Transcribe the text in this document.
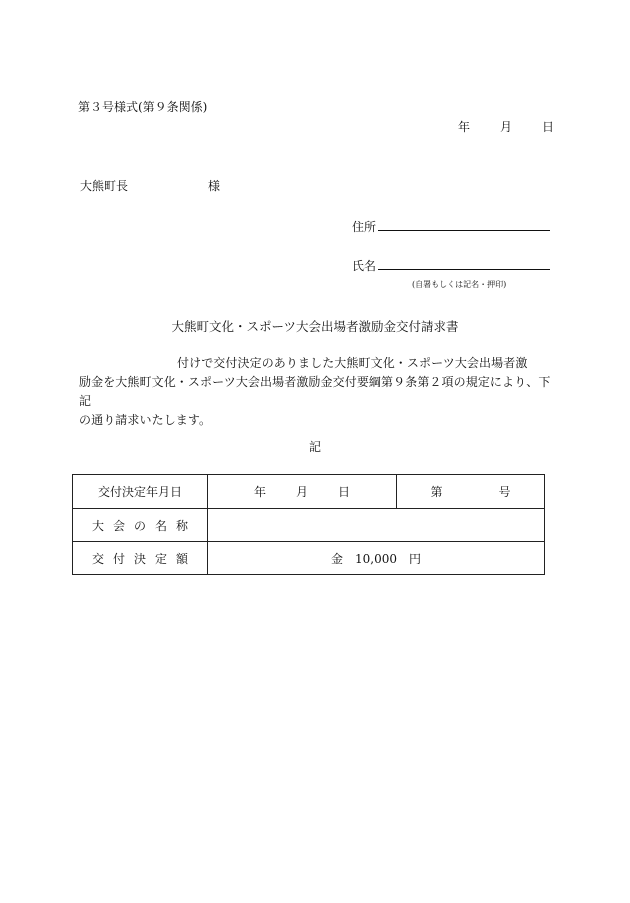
第３号様式(第９条関係)
年	月	日
大熊町長	様
住所
氏名
(自署もしくは記名・押印)
大熊町文化・スポーツ大会出場者激励金交付請求書
付けで交付決定のありました大熊町文化・スポーツ大会出場者激
励金を大熊町文化・スポーツ大会出場者激励金交付要綱第９条第２項の規定により、下記
の通り請求いたします。
記
交付決定年月日	年 月 日	第 号
大会の名称		
交付決定額	金　10,000　円	
